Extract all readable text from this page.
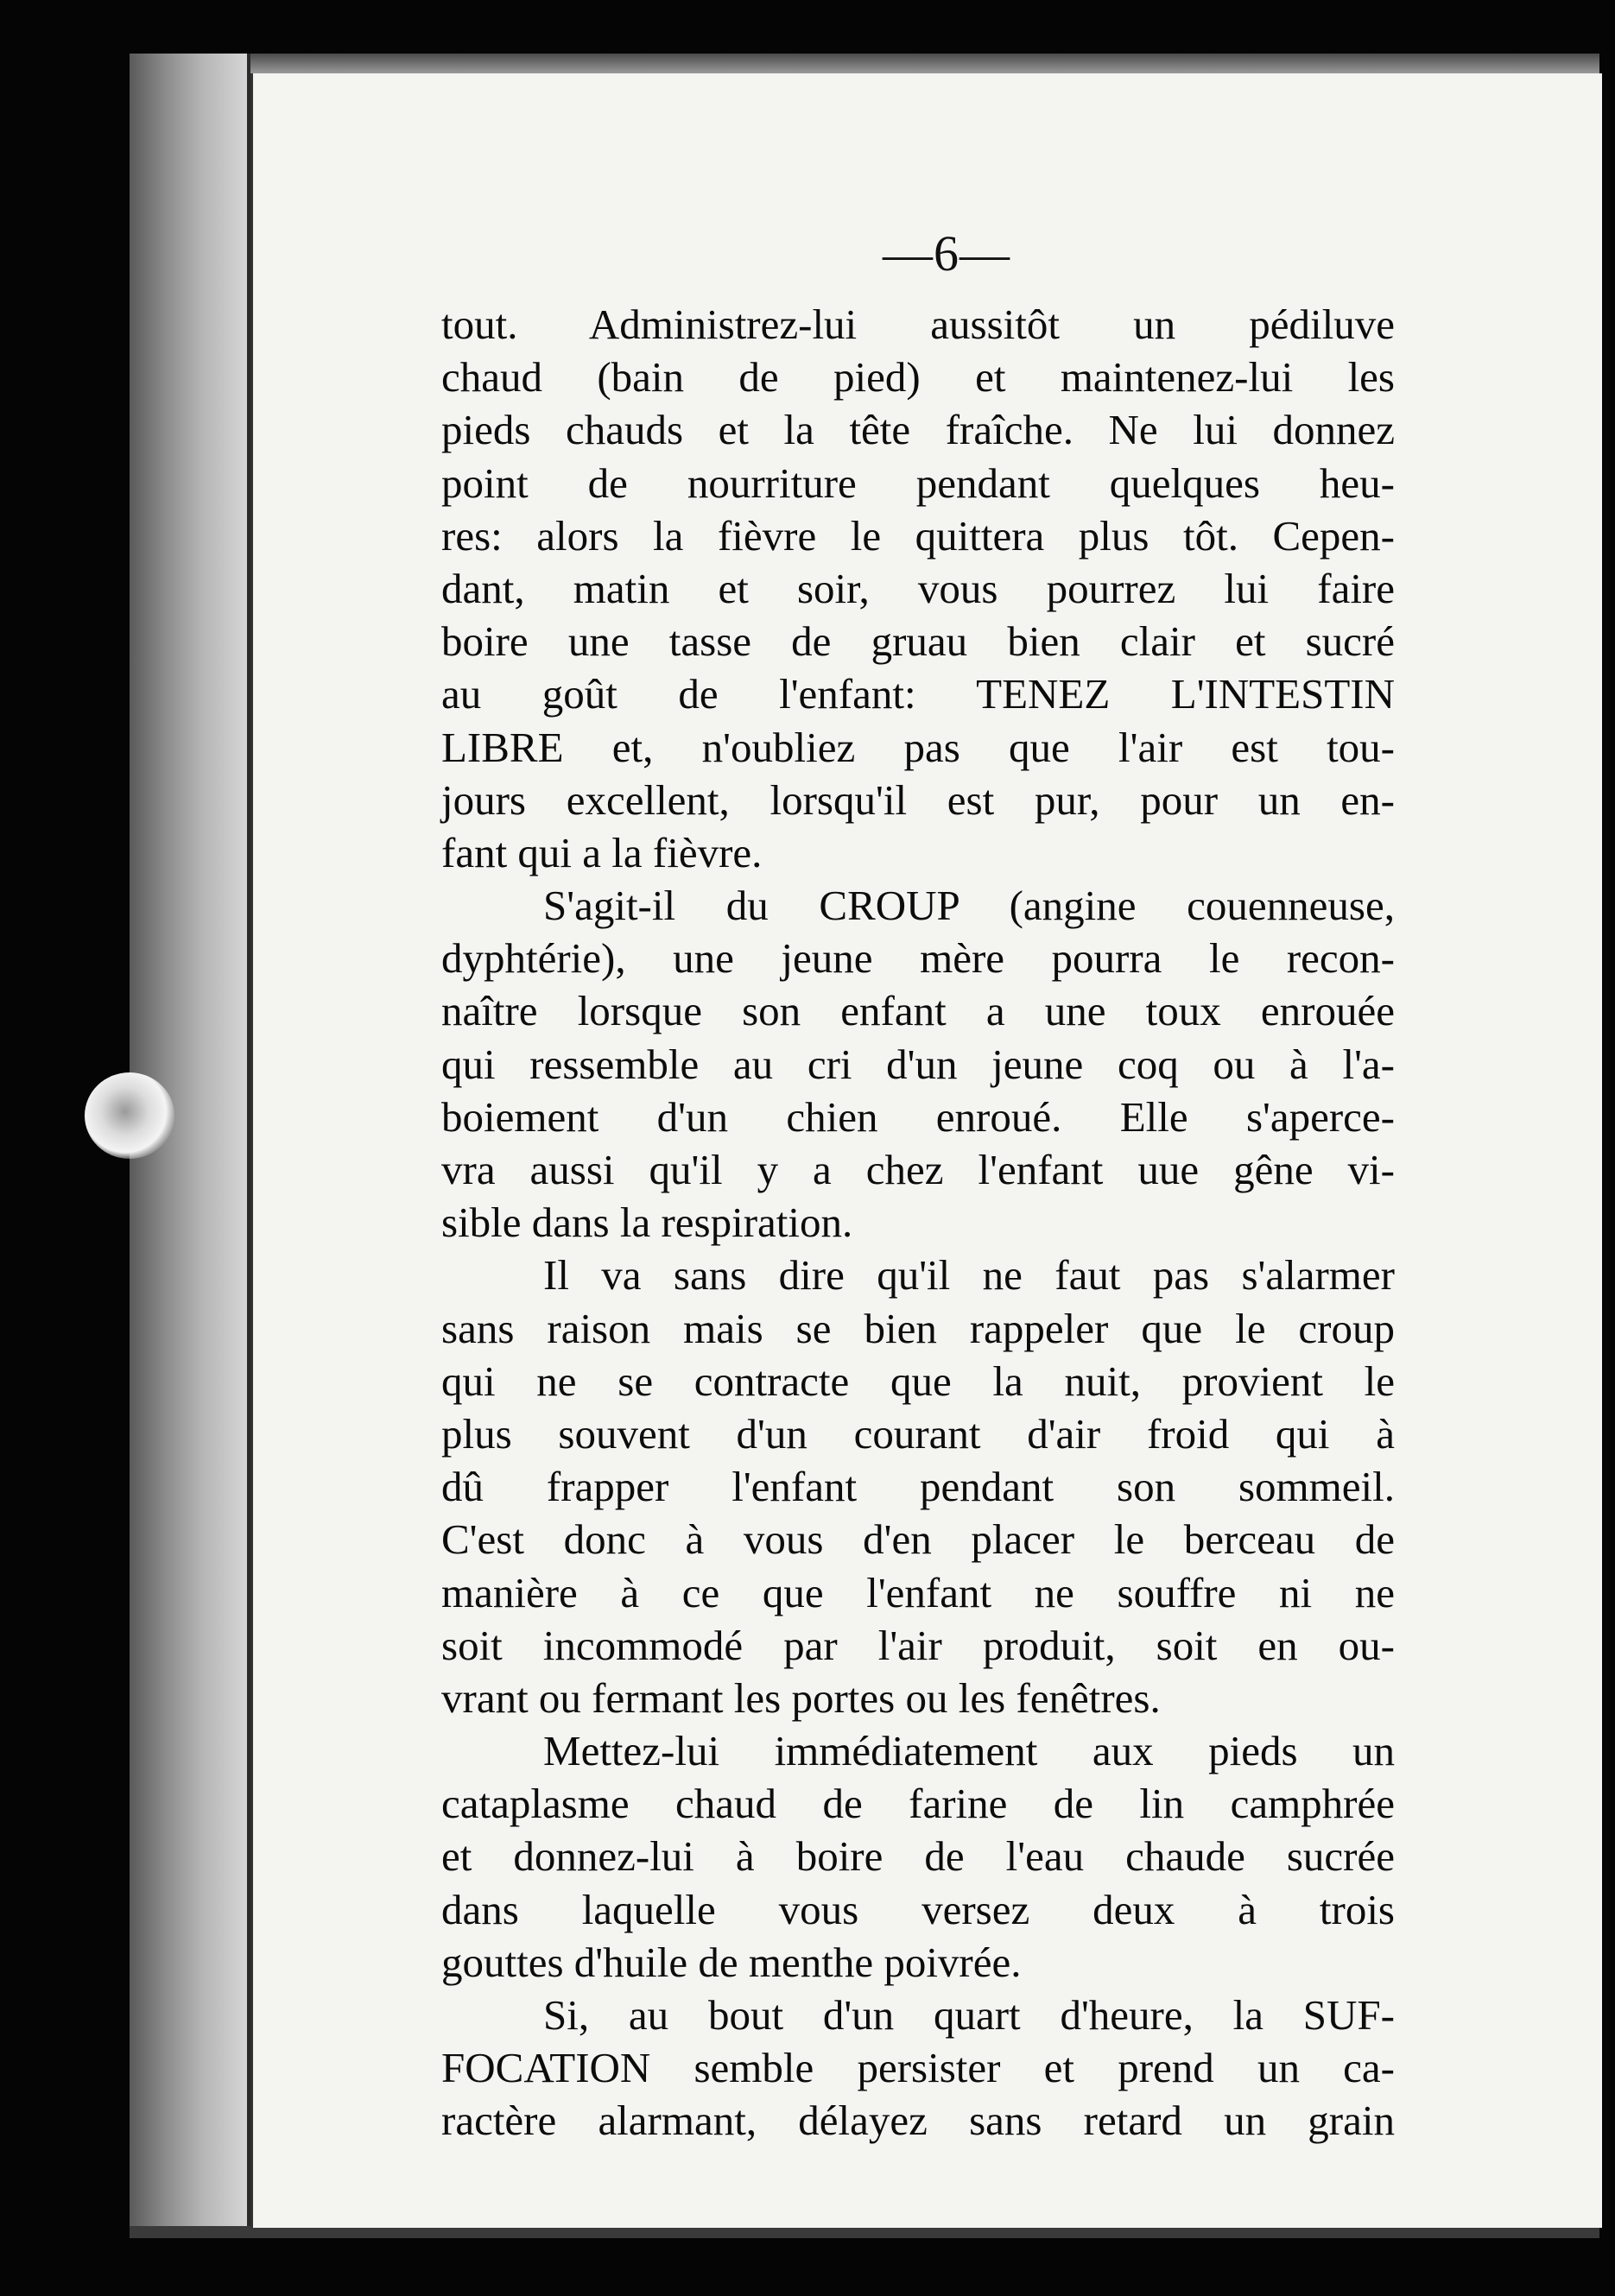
—6—
tout. Administrez-lui aussitôt un pédiluve
chaud (bain de pied) et maintenez-lui les
pieds chauds et la tête fraîche. Ne lui donnez
point de nourriture pendant quelques heu-
res: alors la fièvre le quittera plus tôt. Cepen-
dant, matin et soir, vous pourrez lui faire
boire une tasse de gruau bien clair et sucré
au goût de l'enfant: TENEZ L'INTESTIN
LIBRE et, n'oubliez pas que l'air est tou-
jours excellent, lorsqu'il est pur, pour un en-
fant qui a la fièvre.
S'agit-il du CROUP (angine couenneuse,
dyphtérie), une jeune mère pourra le recon-
naître lorsque son enfant a une toux enrouée
qui ressemble au cri d'un jeune coq ou à l'a-
boiement d'un chien enroué. Elle s'aperce-
vra aussi qu'il y a chez l'enfant uue gêne vi-
sible dans la respiration.
Il va sans dire qu'il ne faut pas s'alarmer
sans raison mais se bien rappeler que le croup
qui ne se contracte que la nuit, provient le
plus souvent d'un courant d'air froid qui à
dû frapper l'enfant pendant son sommeil.
C'est donc à vous d'en placer le berceau de
manière à ce que l'enfant ne souffre ni ne
soit incommodé par l'air produit, soit en ou-
vrant ou fermant les portes ou les fenêtres.
Mettez-lui immédiatement aux pieds un
cataplasme chaud de farine de lin camphrée
et donnez-lui à boire de l'eau chaude sucrée
dans laquelle vous versez deux à trois
gouttes d'huile de menthe poivrée.
Si, au bout d'un quart d'heure, la SUF-
FOCATION semble persister et prend un ca-
ractère alarmant, délayez sans retard un grain
